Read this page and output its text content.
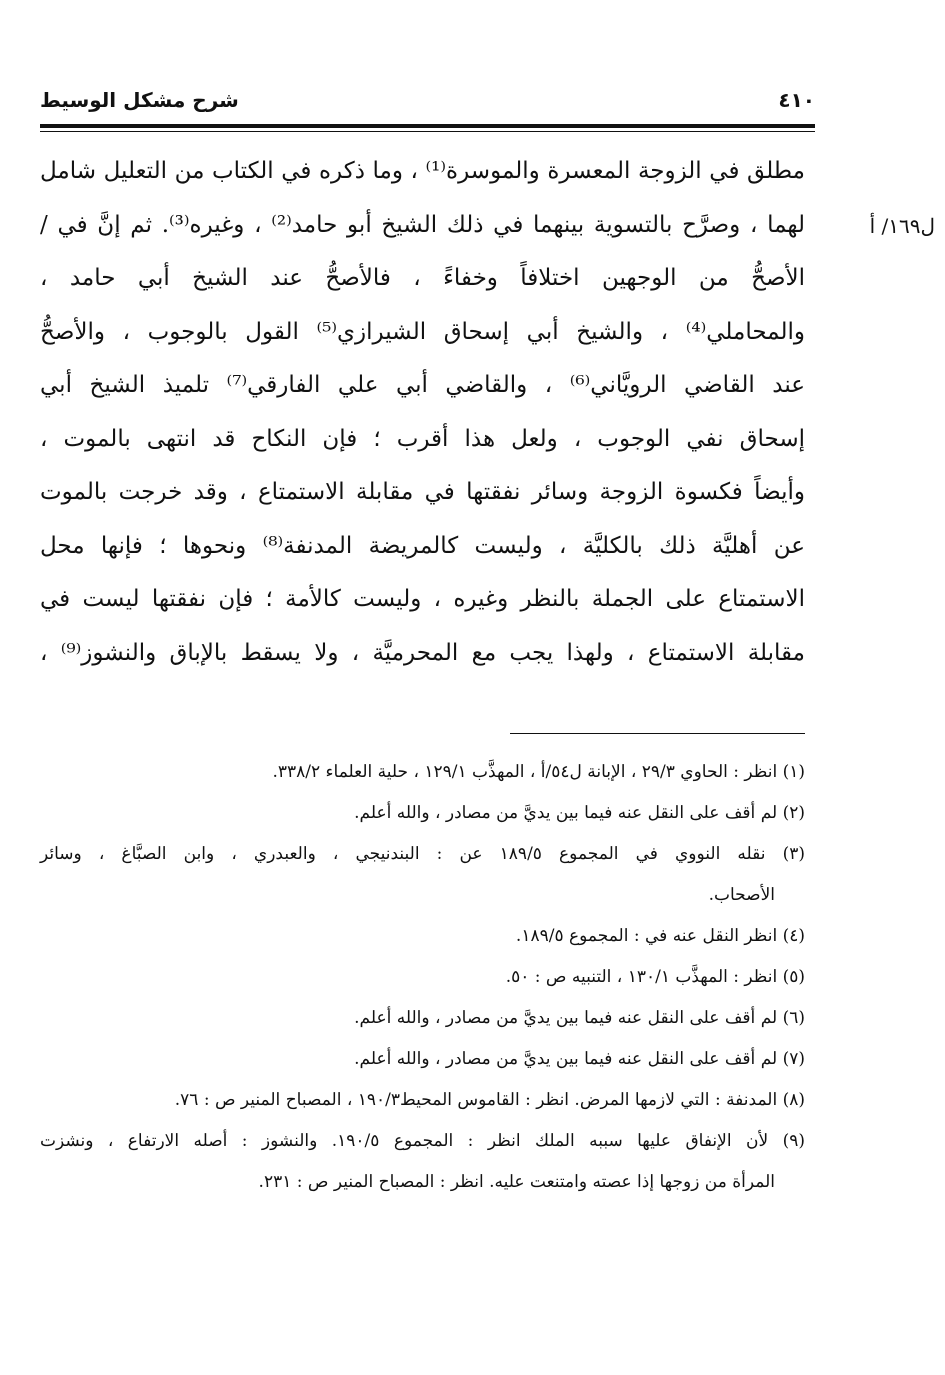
شرح مشكل الوسيط	٤١٠
ل١٦٩/ أ
مطلق في الزوجة المعسرة والموسرة⁽¹⁾ ، وما ذكره في الكتاب من التعليل شامل
لهما ، وصرَّح بالتسوية بينهما في ذلك الشيخ أبو حامد⁽²⁾ ، وغيره⁽³⁾. ثم إنَّ في /
الأصحُّ من الوجهين اختلافاً وخفاءً ، فالأصحُّ عند الشيخ أبي حامد ،
والمحاملي⁽⁴⁾ ، والشيخ أبي إسحاق الشيرازي⁽⁵⁾ القول بالوجوب ، والأصحُّ
عند القاضي الرويَّاني⁽⁶⁾ ، والقاضي أبي علي الفارقي⁽⁷⁾ تلميذ الشيخ أبي
إسحاق نفي الوجوب ، ولعل هذا أقرب ؛ فإن النكاح قد انتهى بالموت ،
وأيضاً فكسوة الزوجة وسائر نفقتها في مقابلة الاستمتاع ، وقد خرجت بالموت
عن أهليَّة ذلك بالكليَّة ، وليست كالمريضة المدنفة⁽⁸⁾ ونحوها ؛ فإنها محل
الاستمتاع على الجملة بالنظر وغيره ، وليست كالأمة ؛ فإن نفقتها ليست في
مقابلة الاستمتاع ، ولهذا يجب مع المحرميَّة ، ولا يسقط بالإباق والنشوز⁽⁹⁾ ،
(١) انظر : الحاوي ٢٩/٣ ، الإبانة ل٥٤/أ ، المهذَّب ١٢٩/١ ، حلية العلماء ٣٣٨/٢.
(٢) لم أقف على النقل عنه فيما بين يديَّ من مصادر ، والله أعلم.
(٣) نقله النووي في المجموع ١٨٩/٥ عن : البندنيجي ، والعبدري ، وابن الصبَّاغ ، وسائر
الأصحاب.
(٤) انظر النقل عنه في : المجموع ١٨٩/٥.
(٥) انظر : المهذَّب ١٣٠/١ ، التنبيه ص : ٥٠.
(٦) لم أقف على النقل عنه فيما بين يديَّ من مصادر ، والله أعلم.
(٧) لم أقف على النقل عنه فيما بين يديَّ من مصادر ، والله أعلم.
(٨) المدنفة : التي لازمها المرض. انظر : القاموس المحيط١٩٠/٣ ، المصباح المنير ص : ٧٦.
(٩) لأن الإنفاق عليها سببه الملك انظر : المجموع ١٩٠/٥. والنشوز : أصله الارتفاع ، ونشزت
المرأة من زوجها إذا عصته وامتنعت عليه. انظر : المصباح المنير ص : ٢٣١.
